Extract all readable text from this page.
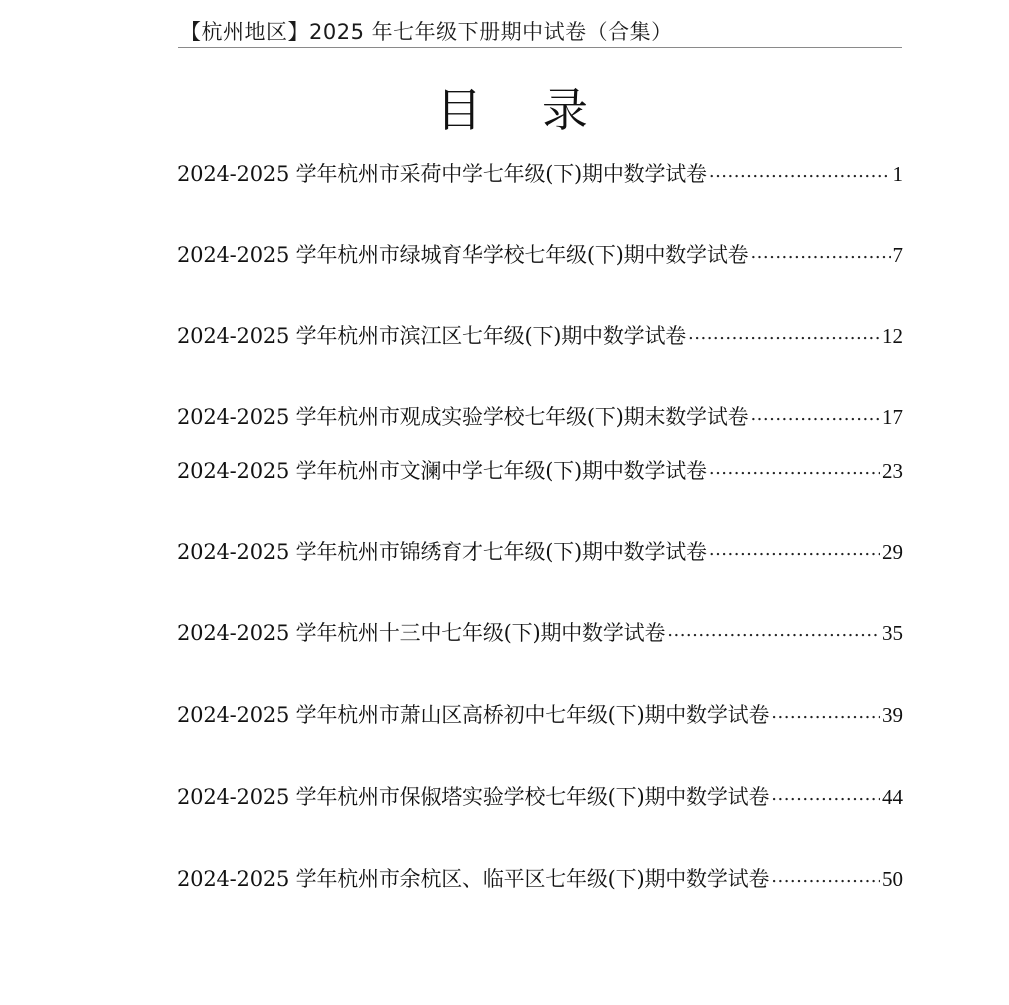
【杭州地区】2025 年七年级下册期中试卷（合集）
目录
2024-2025 学年杭州市采荷中学七年级(下)期中数学试卷 .....	1
2024-2025 学年杭州市绿城育华学校七年级(下)期中数学试卷 .....	7
2024-2025 学年杭州市滨江区七年级(下)期中数学试卷 .....	12
2024-2025 学年杭州市观成实验学校七年级(下)期末数学试卷 .....	17
2024-2025 学年杭州市文澜中学七年级(下)期中数学试卷 .....	23
2024-2025 学年杭州市锦绣育才七年级(下)期中数学试卷 .....	29
2024-2025 学年杭州十三中七年级(下)期中数学试卷 .....	35
2024-2025 学年杭州市萧山区高桥初中七年级(下)期中数学试卷 .....	39
2024-2025 学年杭州市保俶塔实验学校七年级(下)期中数学试卷 .....	44
2024-2025 学年杭州市余杭区、临平区七年级(下)期中数学试卷 .....	50
